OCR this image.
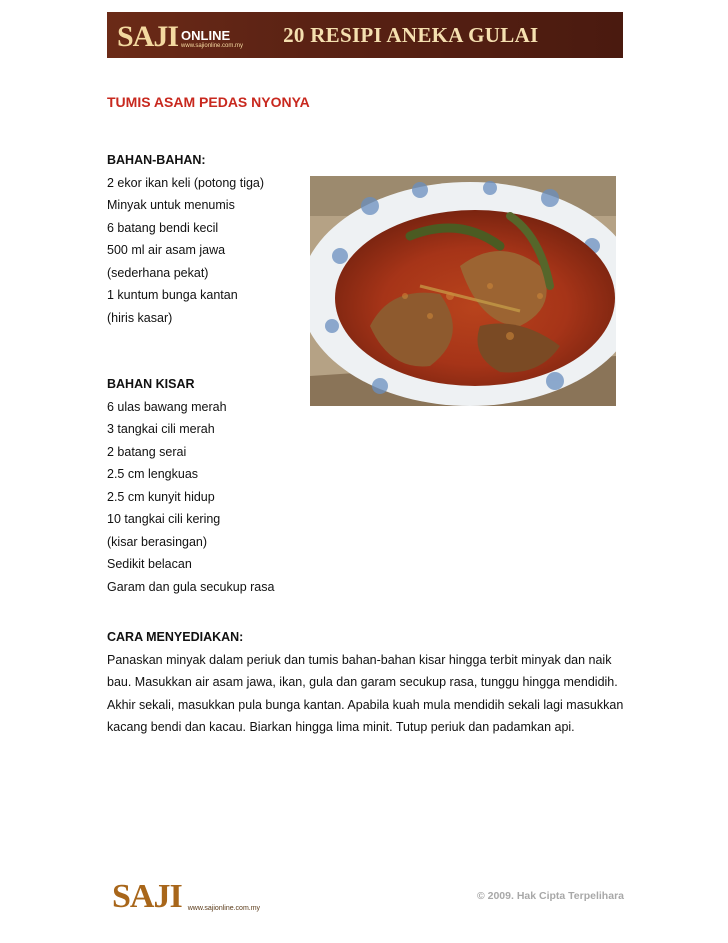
SAJI ONLINE
www.sajionline.com.my 20 RESIPI ANEKA GULAI
TUMIS ASAM PEDAS NYONYA
BAHAN-BAHAN:
2 ekor ikan keli (potong tiga)
Minyak untuk menumis
6 batang bendi kecil
500 ml air asam jawa
(sederhana pekat)
1 kuntum bunga kantan
(hiris kasar)
BAHAN KISAR
6 ulas bawang merah
3 tangkai cili merah
2 batang serai
2.5 cm lengkuas
2.5 cm kunyit hidup
10 tangkai cili kering
(kisar berasingan)
Sedikit belacan
Garam dan gula secukup rasa
CARA MENYEDIAKAN:
Panaskan minyak dalam periuk dan tumis bahan-bahan kisar hingga terbit minyak dan naik bau. Masukkan air asam jawa, ikan, gula dan garam secukup rasa, tunggu hingga mendidih. Akhir sekali, masukkan pula bunga kantan. Apabila kuah mula mendidih sekali lagi masukkan kacang bendi dan kacau. Biarkan hingga lima minit. Tutup periuk dan padamkan api.
SAJI www.sajionline.com.my
© 2009. Hak Cipta Terpelihara
